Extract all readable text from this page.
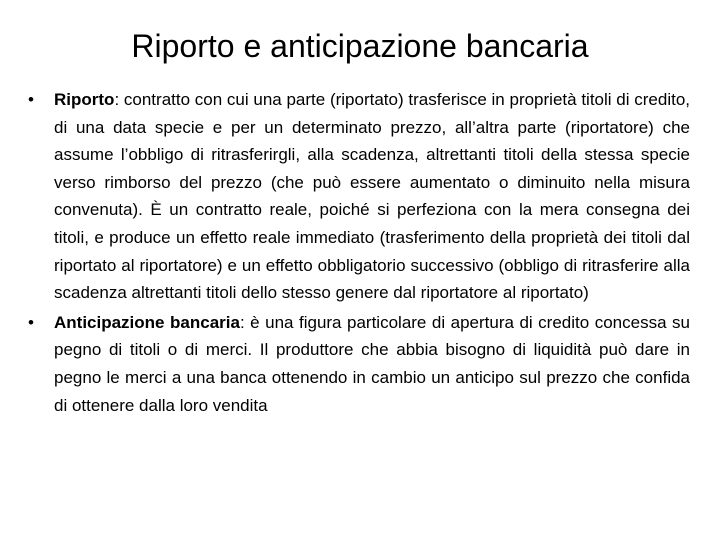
Riporto e anticipazione bancaria
•	Riporto: contratto con cui una parte (riportato) trasferisce in proprietà titoli di credito, di una data specie e per un determinato prezzo, all’altra parte (riportatore) che assume l’obbligo di ritrasferirgli, alla scadenza, altrettanti titoli della stessa specie verso rimborso del prezzo (che può essere aumentato o diminuito nella misura convenuta). È un contratto reale, poiché si perfeziona con la mera consegna dei titoli, e produce un effetto reale immediato (trasferimento della proprietà dei titoli dal riportato al riportatore) e un effetto obbligatorio successivo (obbligo di ritrasferire alla scadenza altrettanti titoli dello stesso genere dal riportatore al riportato)
•	Anticipazione bancaria: è una figura particolare di apertura di credito concessa su pegno di titoli o di merci. Il produttore che abbia bisogno di liquidità può dare in pegno le merci a una banca ottenendo in cambio un anticipo sul prezzo che confida di ottenere dalla loro vendita
